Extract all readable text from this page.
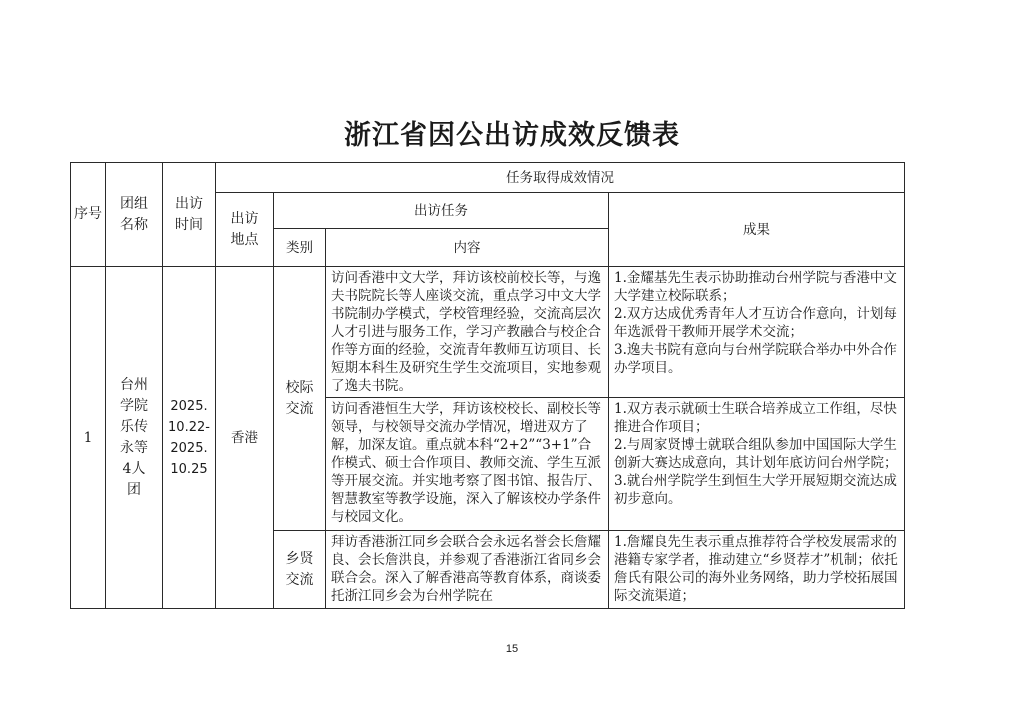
浙江省因公出访成效反馈表
序号	团组名称	出访时间	任务取得成效情况			

			出访地点	出访任务		成果
				类别	内容	
1	台州学院乐传永等4人团	2025.10.22-2025.10.25	香港	校际交流	访问香港中文大学，拜访该校前校长等，与逸夫书院院长等人座谈交流，重点学习中文大学书院制办学模式，学校管理经验，交流高层次人才引进与服务工作，学习产教融合与校企合作等方面的经验，交流青年教师互访项目、长短期本科生及研究生学生交流项目，实地参观了逸夫书院。	1.金耀基先生表示协助推动台州学院与香港中文大学建立校际联系；
2.双方达成优秀青年人才互访合作意向，计划每年选派骨干教师开展学术交流；
3.逸夫书院有意向与台州学院联合举办中外合作办学项目。
					访问香港恒生大学，拜访该校校长、副校长等领导，与校领导交流办学情况，增进双方了解，加深友谊。重点就本科“2+2”“3+1”合作模式、硕士合作项目、教师交流、学生互派等开展交流。并实地考察了图书馆、报告厅、智慧教室等教学设施，深入了解该校办学条件与校园文化。	1.双方表示就硕士生联合培养成立工作组，尽快推进合作项目；
2.与周家贤博士就联合组队参加中国国际大学生创新大赛达成意向，其计划年底访问台州学院；
3.就台州学院学生到恒生大学开展短期交流达成初步意向。

				乡贤交流	拜访香港浙江同乡会联合会永远名誉会长詹耀良、会长詹洪良，并参观了香港浙江省同乡会联合会。深入了解香港高等教育体系，商谈委托浙江同乡会为台州学院在	1.詹耀良先生表示重点推荐符合学校发展需求的港籍专家学者，推动建立“乡贤荐才”机制；依托詹氏有限公司的海外业务网络，助力学校拓展国际交流渠道；
15
